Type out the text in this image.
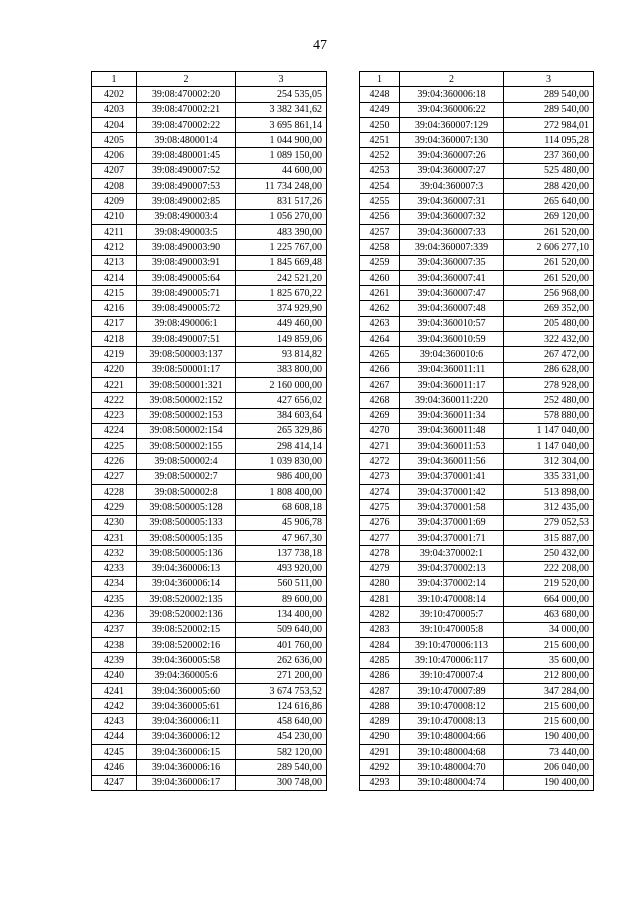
47
1	2	3
4202	39:08:470002:20	254 535,05
4203	39:08:470002:21	3 382 341,62
4204	39:08:470002:22	3 695 861,14
4205	39:08:480001:4	1 044 900,00
4206	39:08:480001:45	1 089 150,00
4207	39:08:490007:52	44 600,00
4208	39:08:490007:53	11 734 248,00
4209	39:08:490002:85	831 517,26
4210	39:08:490003:4	1 056 270,00
4211	39:08:490003:5	483 390,00
4212	39:08:490003:90	1 225 767,00
4213	39:08:490003:91	1 845 669,48
4214	39:08:490005:64	242 521,20
4215	39:08:490005:71	1 825 670,22
4216	39:08:490005:72	374 929,90
4217	39:08:490006:1	449 460,00
4218	39:08:490007:51	149 859,06
4219	39:08:500003:137	93 814,82
4220	39:08:500001:17	383 800,00
4221	39:08:500001:321	2 160 000,00
4222	39:08:500002:152	427 656,02
4223	39:08:500002:153	384 603,64
4224	39:08:500002:154	265 329,86
4225	39:08:500002:155	298 414,14
4226	39:08:500002:4	1 039 830,00
4227	39:08:500002:7	986 400,00
4228	39:08:500002:8	1 808 400,00
4229	39:08:500005:128	68 608,18
4230	39:08:500005:133	45 906,78
4231	39:08:500005:135	47 967,30
4232	39:08:500005:136	137 738,18
4233	39:04:360006:13	493 920,00
4234	39:04:360006:14	560 511,00
4235	39:08:520002:135	89 600,00
4236	39:08:520002:136	134 400,00
4237	39:08:520002:15	509 640,00
4238	39:08:520002:16	401 760,00
4239	39:04:360005:58	262 636,00
4240	39:04:360005:6	271 200,00
4241	39:04:360005:60	3 674 753,52
4242	39:04:360005:61	124 616,86
4243	39:04:360006:11	458 640,00
4244	39:04:360006:12	454 230,00
4245	39:04:360006:15	582 120,00
4246	39:04:360006:16	289 540,00
4247	39:04:360006:17	300 748,00
1	2	3
4248	39:04:360006:18	289 540,00
4249	39:04:360006:22	289 540,00
4250	39:04:360007:129	272 984,01
4251	39:04:360007:130	114 095,28
4252	39:04:360007:26	237 360,00
4253	39:04:360007:27	525 480,00
4254	39:04:360007:3	288 420,00
4255	39:04:360007:31	265 640,00
4256	39:04:360007:32	269 120,00
4257	39:04:360007:33	261 520,00
4258	39:04:360007:339	2 606 277,10
4259	39:04:360007:35	261 520,00
4260	39:04:360007:41	261 520,00
4261	39:04:360007:47	256 968,00
4262	39:04:360007:48	269 352,00
4263	39:04:360010:57	205 480,00
4264	39:04:360010:59	322 432,00
4265	39:04:360010:6	267 472,00
4266	39:04:360011:11	286 628,00
4267	39:04:360011:17	278 928,00
4268	39:04:360011:220	252 480,00
4269	39:04:360011:34	578 880,00
4270	39:04:360011:48	1 147 040,00
4271	39:04:360011:53	1 147 040,00
4272	39:04:360011:56	312 304,00
4273	39:04:370001:41	335 331,00
4274	39:04:370001:42	513 898,00
4275	39:04:370001:58	312 435,00
4276	39:04:370001:69	279 052,53
4277	39:04:370001:71	315 887,00
4278	39:04:370002:1	250 432,00
4279	39:04:370002:13	222 208,00
4280	39:04:370002:14	219 520,00
4281	39:10:470008:14	664 000,00
4282	39:10:470005:7	463 680,00
4283	39:10:470005:8	34 000,00
4284	39:10:470006:113	215 600,00
4285	39:10:470006:117	35 600,00
4286	39:10:470007:4	212 800,00
4287	39:10:470007:89	347 284,00
4288	39:10:470008:12	215 600,00
4289	39:10:470008:13	215 600,00
4290	39:10:480004:66	190 400,00
4291	39:10:480004:68	73 440,00
4292	39:10:480004:70	206 040,00
4293	39:10:480004:74	190 400,00
